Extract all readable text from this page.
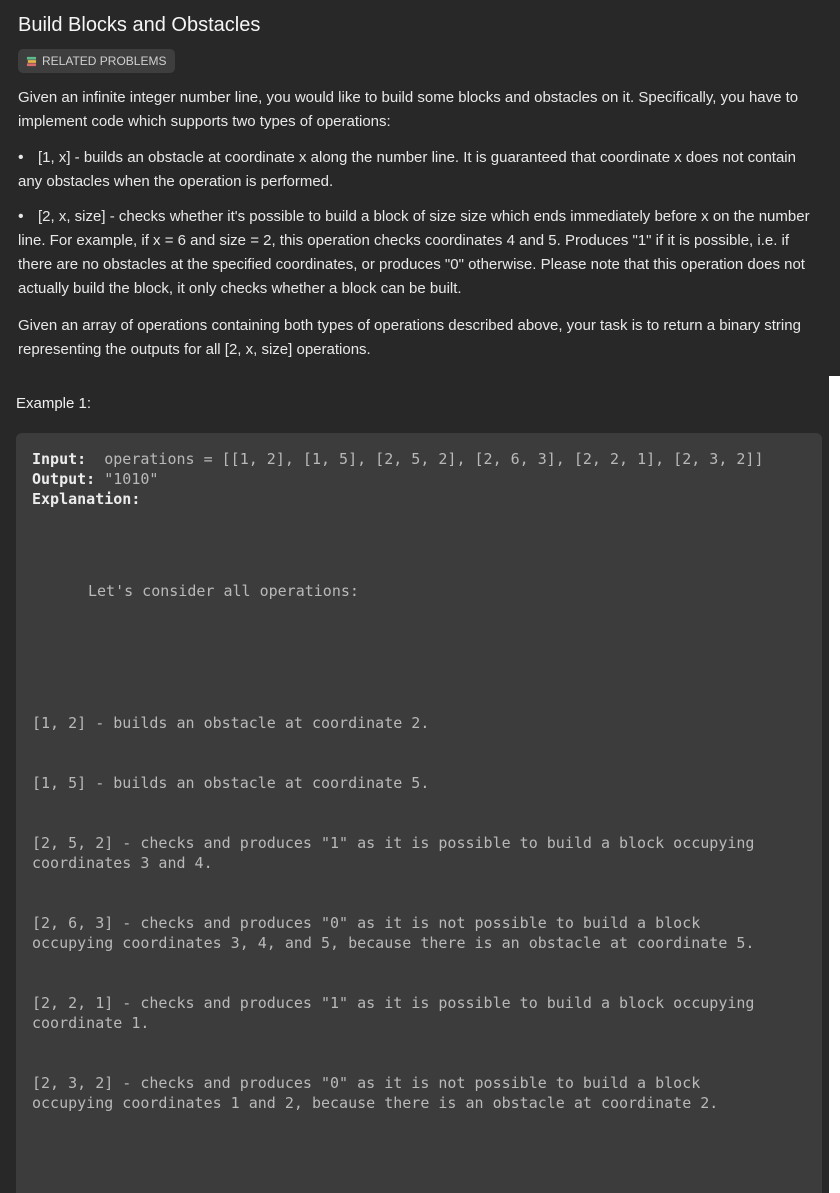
Build Blocks and Obstacles
RELATED PROBLEMS

Given an infinite integer number line, you would like to build some blocks and obstacles on it. Specifically, you have to implement code which supports two types of operations:

• [1, x] - builds an obstacle at coordinate x along the number line. It is guaranteed that coordinate x does not contain any obstacles when the operation is performed.

• [2, x, size] - checks whether it's possible to build a block of size size which ends immediately before x on the number line. For example, if x = 6 and size = 2, this operation checks coordinates 4 and 5. Produces "1" if it is possible, i.e. if there are no obstacles at the specified coordinates, or produces "0" otherwise. Please note that this operation does not actually build the block, it only checks whether a block can be built.

Given an array of operations containing both types of operations described above, your task is to return a binary string representing the outputs for all [2, x, size] operations.

Example 1:

Input:  operations = [[1, 2], [1, 5], [2, 5, 2], [2, 6, 3], [2, 2, 1], [2, 3, 2]]
Output: "1010"
Explanation:
Let's consider all operations:
[1, 2] - builds an obstacle at coordinate 2.
[1, 5] - builds an obstacle at coordinate 5.
[2, 5, 2] - checks and produces "1" as it is possible to build a block occupying
coordinates 3 and 4.
[2, 6, 3] - checks and produces "0" as it is not possible to build a block
occupying coordinates 3, 4, and 5, because there is an obstacle at coordinate 5.
[2, 2, 1] - checks and produces "1" as it is possible to build a block occupying
coordinate 1.
[2, 3, 2] - checks and produces "0" as it is not possible to build a block
occupying coordinates 1 and 2, because there is an obstacle at coordinate 2.
